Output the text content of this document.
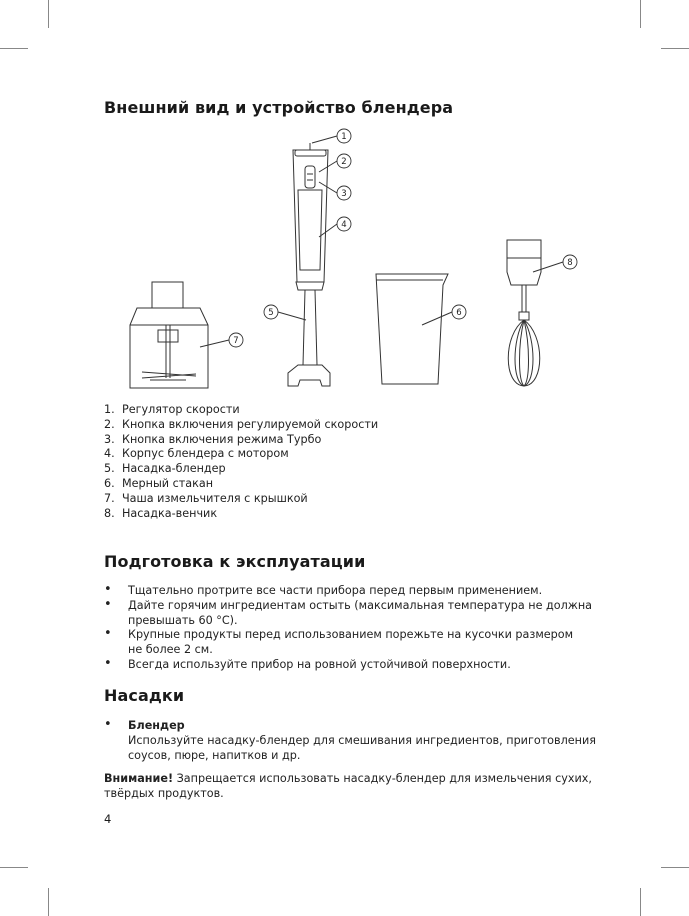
Внешний вид и устройство блендера
1
2
3
4
5	6
7
8
1. Регулятор скорости
2. Кнопка включения регулируемой скорости
3. Кнопка включения режима Турбо
4. Корпус блендера с мотором
5. Насадка-блендер
6. Мерный стакан
7. Чаша измельчителя с крышкой
8. Насадка-венчик
Подготовка к эксплуатации
• Тщательно протрите все части прибора перед первым применением.
• Дайте горячим ингредиентам остыть (максимальная температура не должна
превышать 60 °С).
• Крупные продукты перед использованием порежьте на кусочки размером
не более 2 см.
• Всегда используйте прибор на ровной устойчивой поверхности.
Насадки
• Блендер
Используйте насадку-блендер для смешивания ингредиентов, приготовления
соусов, пюре, напитков и др.
Внимание! Запрещается использовать насадку-блендер для измельчения сухих,
твёрдых продуктов.
4
